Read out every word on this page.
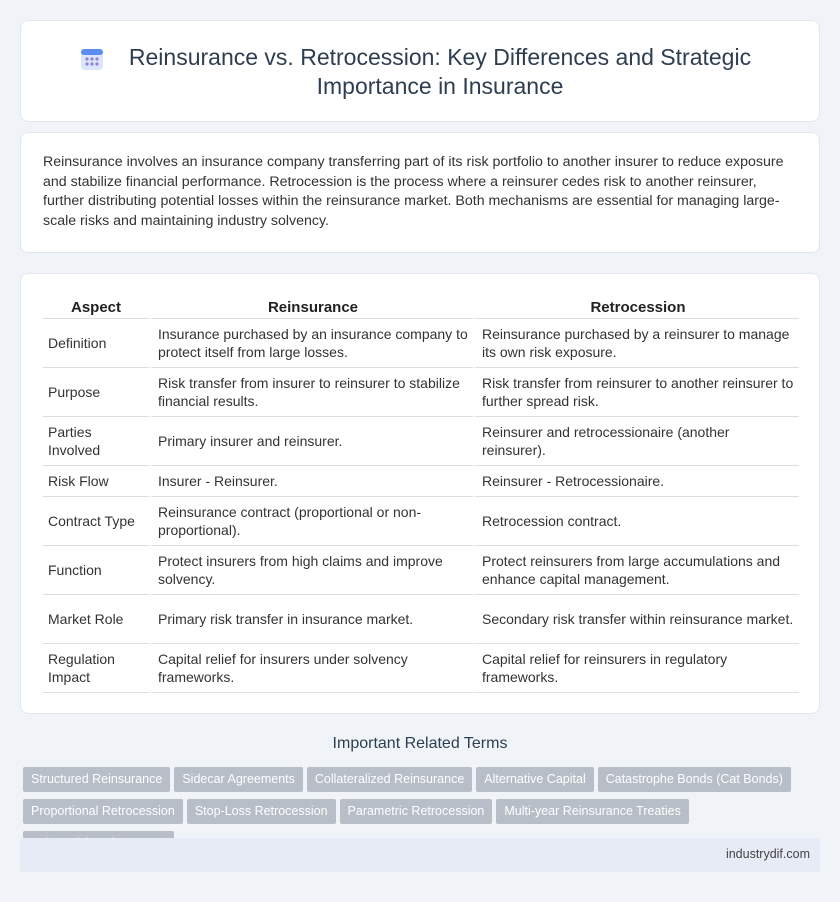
Reinsurance vs. Retrocession: Key Differences and Strategic Importance in Insurance

Reinsurance involves an insurance company transferring part of its risk portfolio to another insurer to reduce exposure and stabilize financial performance. Retrocession is the process where a reinsurer cedes risk to another reinsurer, further distributing potential losses within the reinsurance market. Both mechanisms are essential for managing large-scale risks and maintaining industry solvency.

Aspect	Reinsurance	Retrocession
Definition	Insurance purchased by an insurance company to protect itself from large losses.	Reinsurance purchased by a reinsurer to manage its own risk exposure.
Purpose	Risk transfer from insurer to reinsurer to stabilize financial results.	Risk transfer from reinsurer to another reinsurer to further spread risk.
Parties Involved	Primary insurer and reinsurer.	Reinsurer and retrocessionaire (another reinsurer).
Risk Flow	Insurer - Reinsurer.	Reinsurer - Retrocessionaire.
Contract Type	Reinsurance contract (proportional or non-proportional).	Retrocession contract.
Function	Protect insurers from high claims and improve solvency.	Protect reinsurers from large accumulations and enhance capital management.
Market Role	Primary risk transfer in insurance market.	Secondary risk transfer within reinsurance market.
Regulation Impact	Capital relief for insurers under solvency frameworks.	Capital relief for reinsurers in regulatory frameworks.
Important Related Terms
Structured Reinsurance Sidecar Agreements Collateralized Reinsurance Alternative Capital Catastrophe Bonds (Cat Bonds)
Proportional Retrocession Stop-Loss Retrocession Parametric Retrocession Multi-year Reinsurance Treaties
industrydif.com
